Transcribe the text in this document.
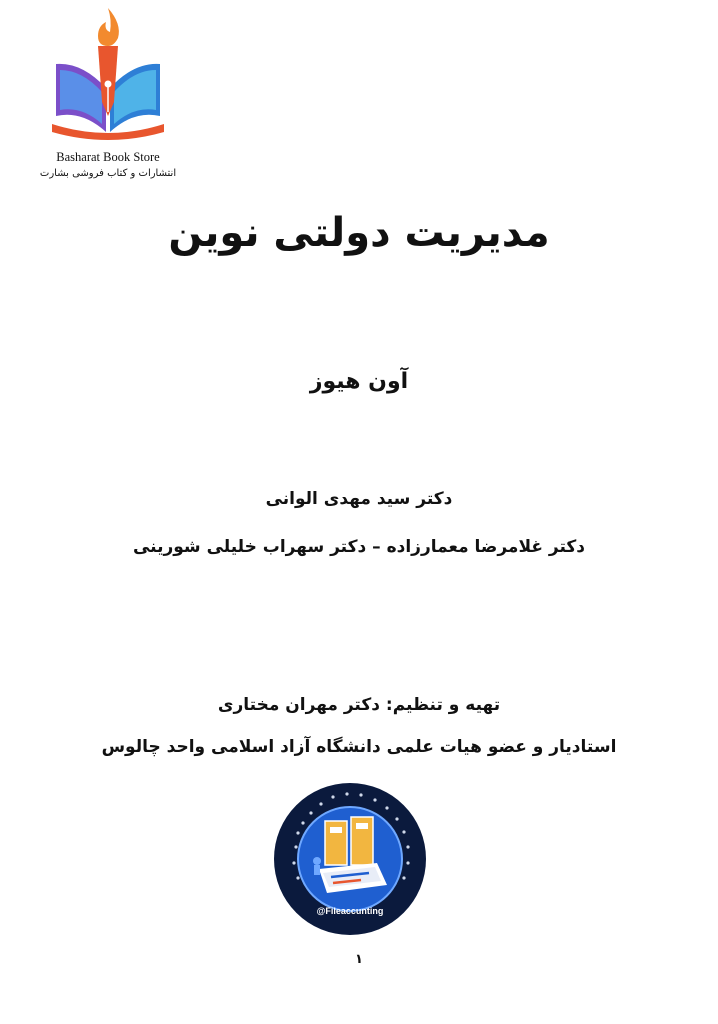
Basharat Book Store
انتشارات و کتاب فروشی بشارت
مدیریت دولتی نوین
آون هیوز
دکتر سید مهدی الوانی
دکتر غلامرضا معمارزاده – دکتر سهراب خلیلی شورینی
تهیه و تنظیم: دکتر مهران مختاری
استادیار و عضو هیات علمی دانشگاه آزاد اسلامی واحد چالوس
@Fileaccunting
۱
